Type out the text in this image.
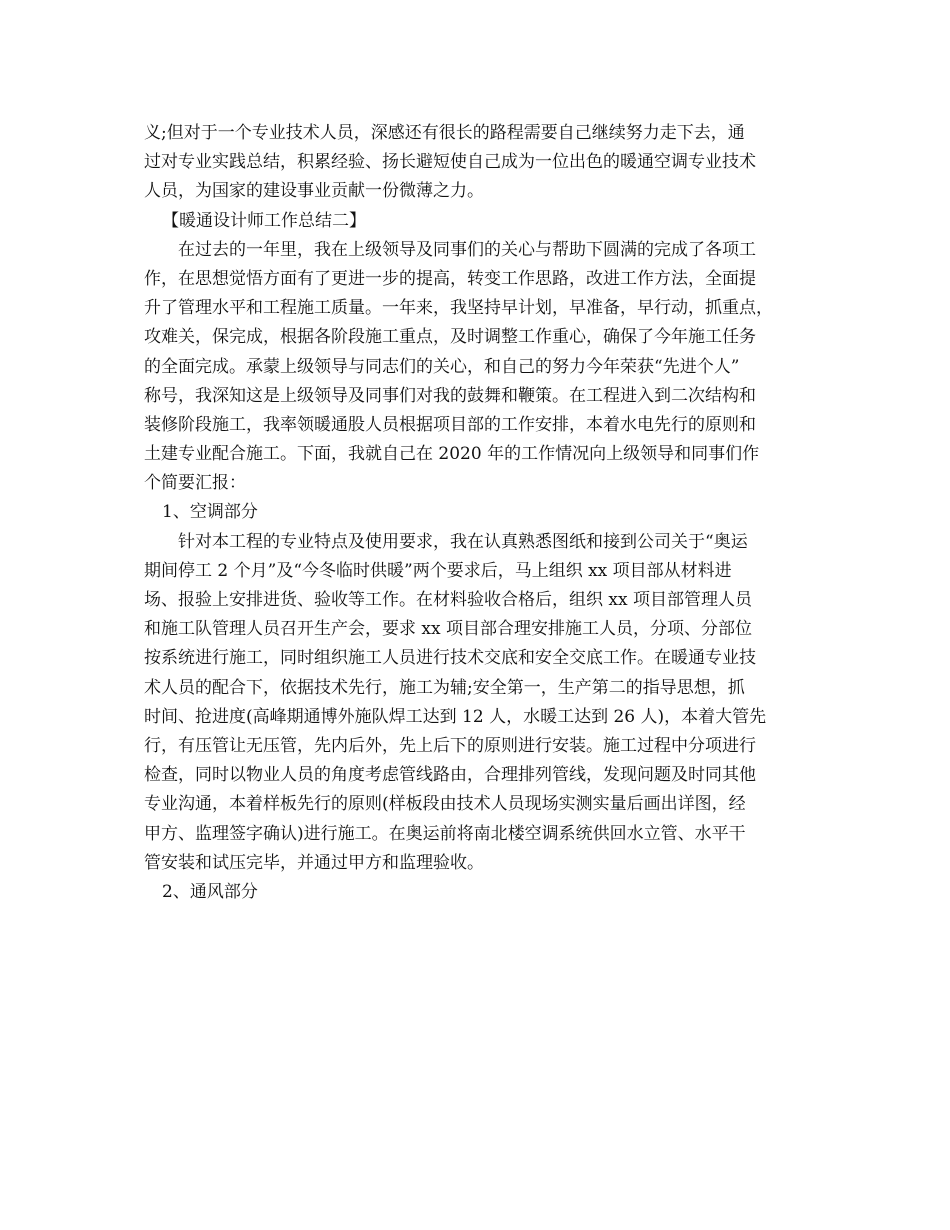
义;但对于一个专业技术人员，深感还有很长的路程需要自己继续努力走下去，通
过对专业实践总结，积累经验、扬长避短使自己成为一位出色的暖通空调专业技术
人员，为国家的建设事业贡献一份微薄之力。
【暖通设计师工作总结二】
在过去的一年里，我在上级领导及同事们的关心与帮助下圆满的完成了各项工
作，在思想觉悟方面有了更进一步的提高，转变工作思路，改进工作方法，全面提
升了管理水平和工程施工质量。一年来，我坚持早计划，早准备，早行动，抓重点，
攻难关，保完成，根据各阶段施工重点，及时调整工作重心，确保了今年施工任务
的全面完成。承蒙上级领导与同志们的关心，和自己的努力今年荣获“先进个人”
称号，我深知这是上级领导及同事们对我的鼓舞和鞭策。在工程进入到二次结构和
装修阶段施工，我率领暖通股人员根据项目部的工作安排，本着水电先行的原则和
土建专业配合施工。下面，我就自己在 2020 年的工作情况向上级领导和同事们作
个简要汇报：
1、空调部分
针对本工程的专业特点及使用要求，我在认真熟悉图纸和接到公司关于“奥运
期间停工 2 个月”及“今冬临时供暖”两个要求后，马上组织 xx 项目部从材料进
场、报验上安排进货、验收等工作。在材料验收合格后，组织 xx 项目部管理人员
和施工队管理人员召开生产会，要求 xx 项目部合理安排施工人员，分项、分部位
按系统进行施工，同时组织施工人员进行技术交底和安全交底工作。在暖通专业技
术人员的配合下，依据技术先行，施工为辅;安全第一，生产第二的指导思想，抓
时间、抢进度(高峰期通博外施队焊工达到 12 人，水暖工达到 26 人)，本着大管先
行，有压管让无压管，先内后外，先上后下的原则进行安装。施工过程中分项进行
检查，同时以物业人员的角度考虑管线路由，合理排列管线，发现问题及时同其他
专业沟通，本着样板先行的原则(样板段由技术人员现场实测实量后画出详图，经
甲方、监理签字确认)进行施工。在奥运前将南北楼空调系统供回水立管、水平干
管安装和试压完毕，并通过甲方和监理验收。
2、通风部分
